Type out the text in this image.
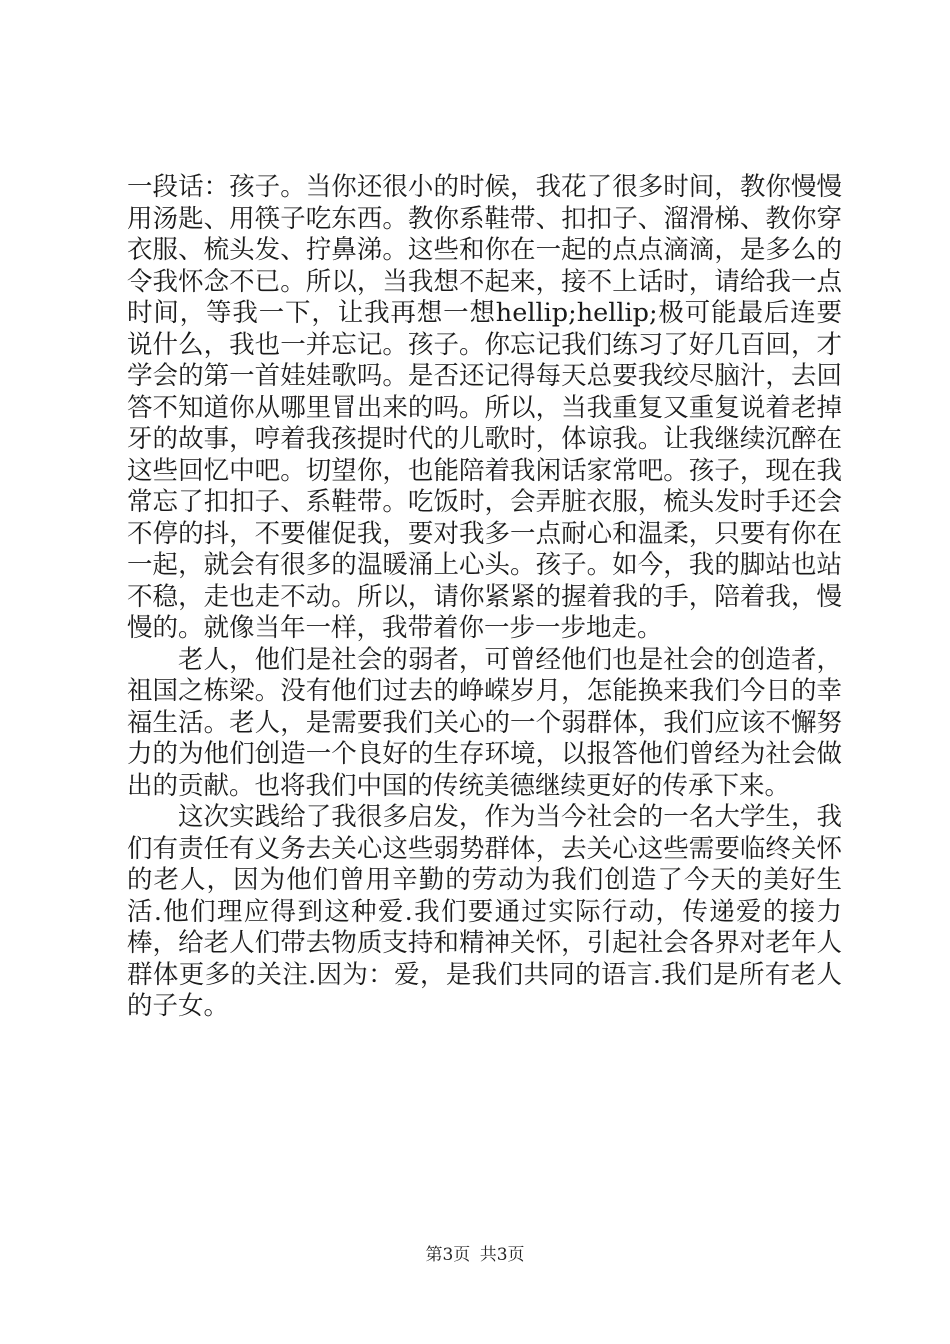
一段话：孩子。当你还很小的时候，我花了很多时间，教你慢慢用汤匙、用筷子吃东西。教你系鞋带、扣扣子、溜滑梯、教你穿衣服、梳头发、拧鼻涕。这些和你在一起的点点滴滴，是多么的令我怀念不已。所以，当我想不起来，接不上话时，请给我一点时间，等我一下，让我再想一想hellip;hellip;极可能最后连要说什么，我也一并忘记。孩子。你忘记我们练习了好几百回，才学会的第一首娃娃歌吗。是否还记得每天总要我绞尽脑汁，去回答不知道你从哪里冒出来的吗。所以，当我重复又重复说着老掉牙的故事，哼着我孩提时代的儿歌时，体谅我。让我继续沉醉在这些回忆中吧。切望你，也能陪着我闲话家常吧。孩子，现在我常忘了扣扣子、系鞋带。吃饭时，会弄脏衣服，梳头发时手还会不停的抖，不要催促我，要对我多一点耐心和温柔，只要有你在一起，就会有很多的温暖涌上心头。孩子。如今，我的脚站也站不稳，走也走不动。所以，请你紧紧的握着我的手，陪着我，慢慢的。就像当年一样，我带着你一步一步地走。

老人，他们是社会的弱者，可曾经他们也是社会的创造者，祖国之栋梁。没有他们过去的峥嵘岁月，怎能换来我们今日的幸福生活。老人，是需要我们关心的一个弱群体，我们应该不懈努力的为他们创造一个良好的生存环境，以报答他们曾经为社会做出的贡献。也将我们中国的传统美德继续更好的传承下来。

这次实践给了我很多启发，作为当今社会的一名大学生，我们有责任有义务去关心这些弱势群体，去关心这些需要临终关怀的老人，因为他们曾用辛勤的劳动为我们创造了今天的美好生活.他们理应得到这种爱.我们要通过实际行动，传递爱的接力棒，给老人们带去物质支持和精神关怀，引起社会各界对老年人群体更多的关注.因为：爱，是我们共同的语言.我们是所有老人的子女。

第3页 共3页
